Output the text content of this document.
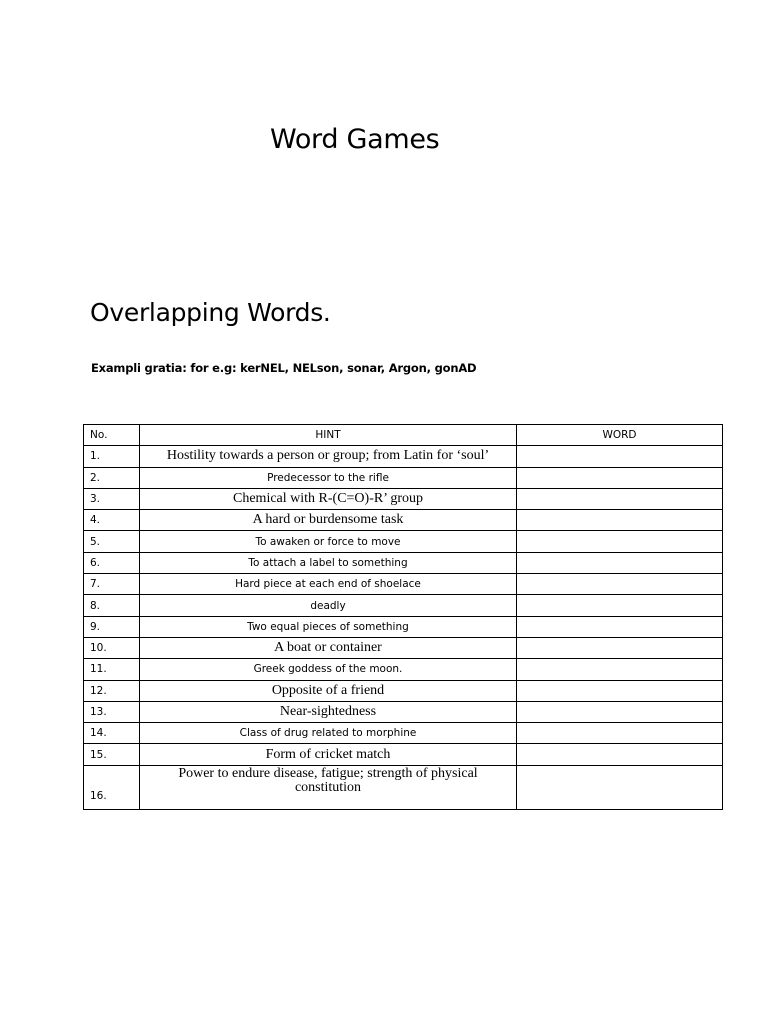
Word Games
Overlapping Words.
Exampli gratia: for e.g: kerNEL, NELson, sonar, Argon, gonAD
No.	HINT	WORD
1.	Hostility towards a person or group; from Latin for ‘soul’	
2.	Predecessor to the rifle	
3.	Chemical with R-(C=O)-R’ group	
4.	A hard or burdensome task	
5.	To awaken or force to move	
6.	To attach a label to something	
7.	Hard piece at each end of shoelace	
8.	deadly	
9.	Two equal pieces of something	
10.	A boat or container	
11.	Greek goddess of the moon.	
12.	Opposite of a friend	
13.	Near-sightedness	
14.	Class of drug related to morphine	
15.	Form of cricket match	
16.	Power to endure disease, fatigue; strength of physical constitution	
